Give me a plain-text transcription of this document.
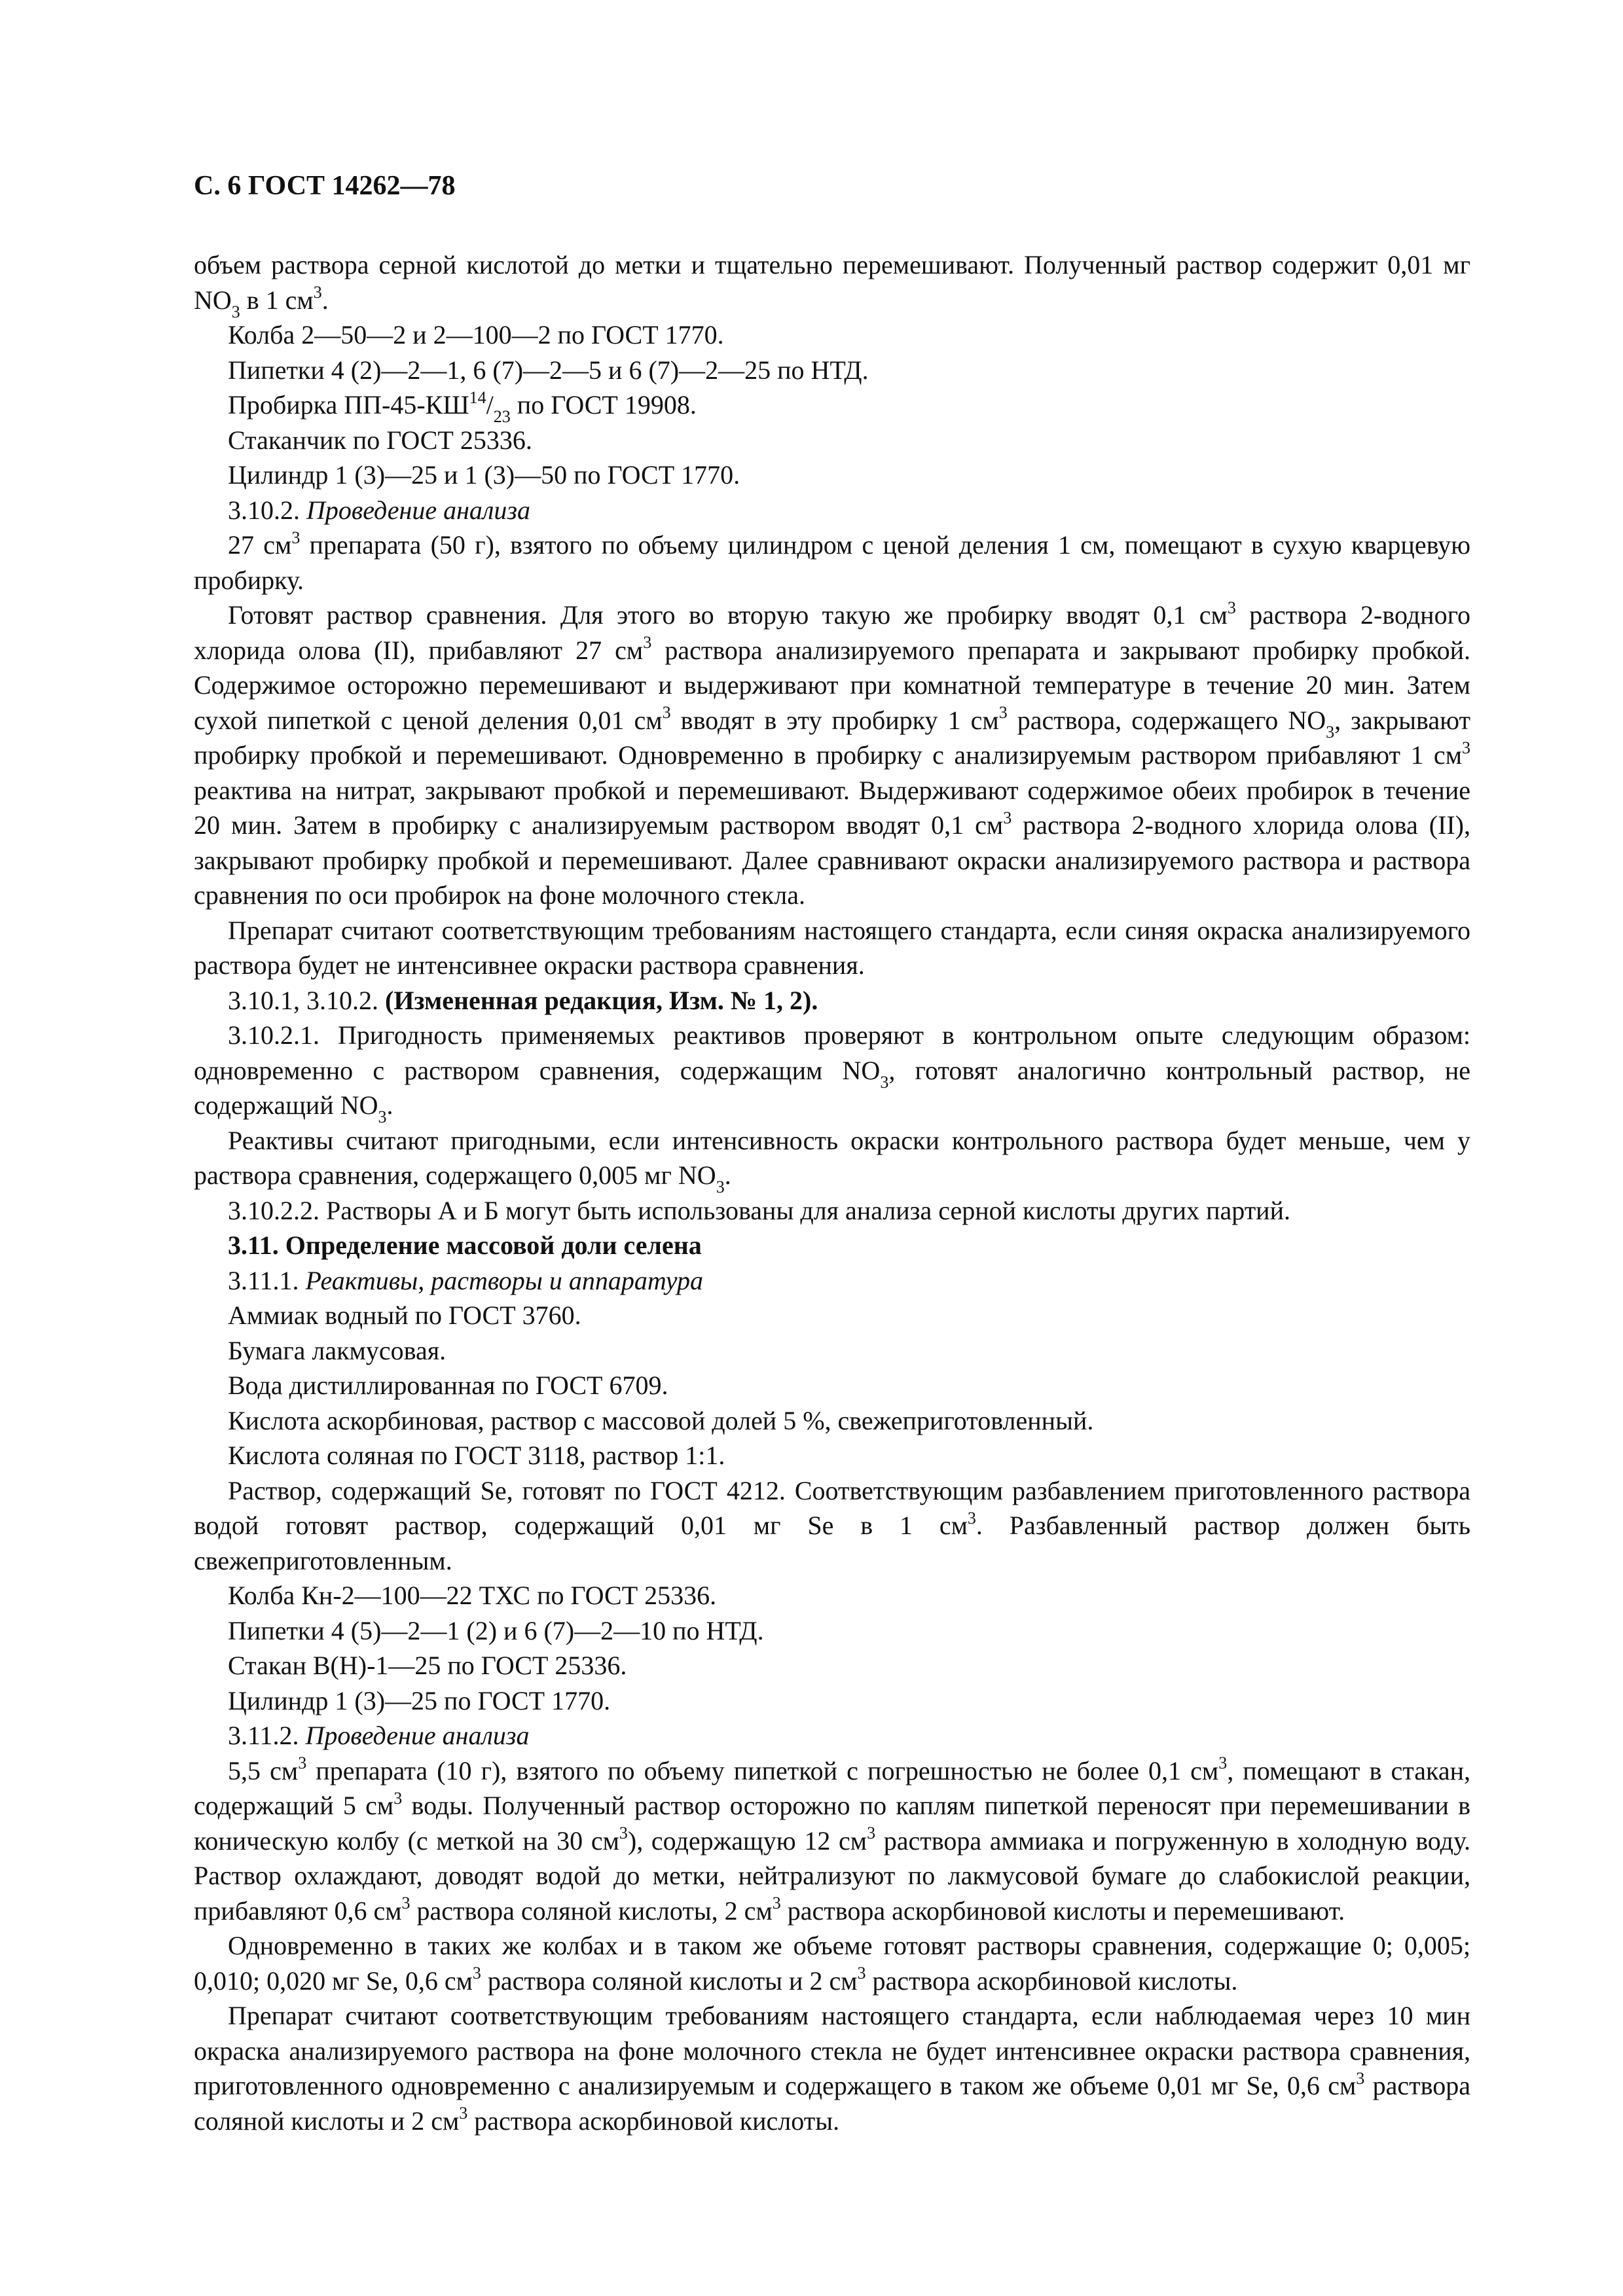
С. 6 ГОСТ 14262—78

объем раствора серной кислотой до метки и тщательно перемешивают. Полученный раствор содержит 0,01 мг $NO_3$ в 1 $см^3$.

Колба 2—50—2 и 2—100—2 по ГОСТ 1770.

Пипетки 4 (2)—2—1, 6 (7)—2—5 и 6 (7)—2—25 по НТД.

Пробирка $ПП-45-КШ^{14}/_{23}$ по ГОСТ 19908.

Стаканчик по ГОСТ 25336.

Цилиндр 1 (3)—25 и 1 (3)—50 по ГОСТ 1770.

3.10.2. Проведение анализа

27 $см^3$ препарата (50 г), взятого по объему цилиндром с ценой деления 1 см, помещают в сухую кварцевую пробирку.

Готовят раствор сравнения. Для этого во вторую такую же пробирку вводят 0,1 $см^3$ раствора 2-водного хлорида олова (II), прибавляют 27 $см^3$ раствора анализируемого препарата и закрывают пробирку пробкой. Содержимое осторожно перемешивают и выдерживают при комнатной температуре в течение 20 мин. Затем сухой пипеткой с ценой деления 0,01 $см^3$ вводят в эту пробирку 1 $см^3$ раствора, содержащего $NO_3$, закрывают пробирку пробкой и перемешивают. Одновременно в пробирку с анализируемым раствором прибавляют 1 $см^3$ реактива на нитрат, закрывают пробкой и перемешивают. Выдерживают содержимое обеих пробирок в течение 20 мин. Затем в пробирку с анализируемым раствором вводят 0,1 $см^3$ раствора 2-водного хлорида олова (II), закрывают пробирку пробкой и перемешивают. Далее сравнивают окраски анализируемого раствора и раствора сравнения по оси пробирок на фоне молочного стекла.

Препарат считают соответствующим требованиям настоящего стандарта, если синяя окраска анализируемого раствора будет не интенсивнее окраски раствора сравнения.

3.10.1, 3.10.2. (Измененная редакция, Изм. № 1, 2).

3.10.2.1. Пригодность применяемых реактивов проверяют в контрольном опыте следующим образом: одновременно с раствором сравнения, содержащим $NO_3$, готовят аналогично контрольный раствор, не содержащий $NO_3$.

Реактивы считают пригодными, если интенсивность окраски контрольного раствора будет меньше, чем у раствора сравнения, содержащего 0,005 мг $NO_3$.

3.10.2.2. Растворы А и Б могут быть использованы для анализа серной кислоты других партий.

3.11. Определение массовой доли селена

3.11.1. Реактивы, растворы и аппаратура

Аммиак водный по ГОСТ 3760.

Бумага лакмусовая.

Вода дистиллированная по ГОСТ 6709.

Кислота аскорбиновая, раствор с массовой долей 5 %, свежеприготовленный.

Кислота соляная по ГОСТ 3118, раствор 1:1.

Раствор, содержащий Se, готовят по ГОСТ 4212. Соответствующим разбавлением приготовленного раствора водой готовят раствор, содержащий 0,01 мг Se в 1 $см^3$. Разбавленный раствор должен быть свежеприготовленным.

Колба Кн-2—100—22 ТХС по ГОСТ 25336.

Пипетки 4 (5)—2—1 (2) и 6 (7)—2—10 по НТД.

Стакан В(Н)-1—25 по ГОСТ 25336.

Цилиндр 1 (3)—25 по ГОСТ 1770.

3.11.2. Проведение анализа

5,5 $см^3$ препарата (10 г), взятого по объему пипеткой с погрешностью не более 0,1 $см^3$, помещают в стакан, содержащий 5 $см^3$ воды. Полученный раствор осторожно по каплям пипеткой переносят при перемешивании в коническую колбу (с меткой на 30 $см^3$), содержащую 12 $см^3$ раствора аммиака и погруженную в холодную воду. Раствор охлаждают, доводят водой до метки, нейтрализуют по лакмусовой бумаге до слабокислой реакции, прибавляют 0,6 $см^3$ раствора соляной кислоты, 2 $см^3$ раствора аскорбиновой кислоты и перемешивают.

Одновременно в таких же колбах и в таком же объеме готовят растворы сравнения, содержащие 0; 0,005; 0,010; 0,020 мг Se, 0,6 $см^3$ раствора соляной кислоты и 2 $см^3$ раствора аскорбиновой кислоты.

Препарат считают соответствующим требованиям настоящего стандарта, если наблюдаемая через 10 мин окраска анализируемого раствора на фоне молочного стекла не будет интенсивнее окраски раствора сравнения, приготовленного одновременно с анализируемым и содержащего в таком же объеме 0,01 мг Se, 0,6 $см^3$ раствора соляной кислоты и 2 $см^3$ раствора аскорбиновой кислоты.
